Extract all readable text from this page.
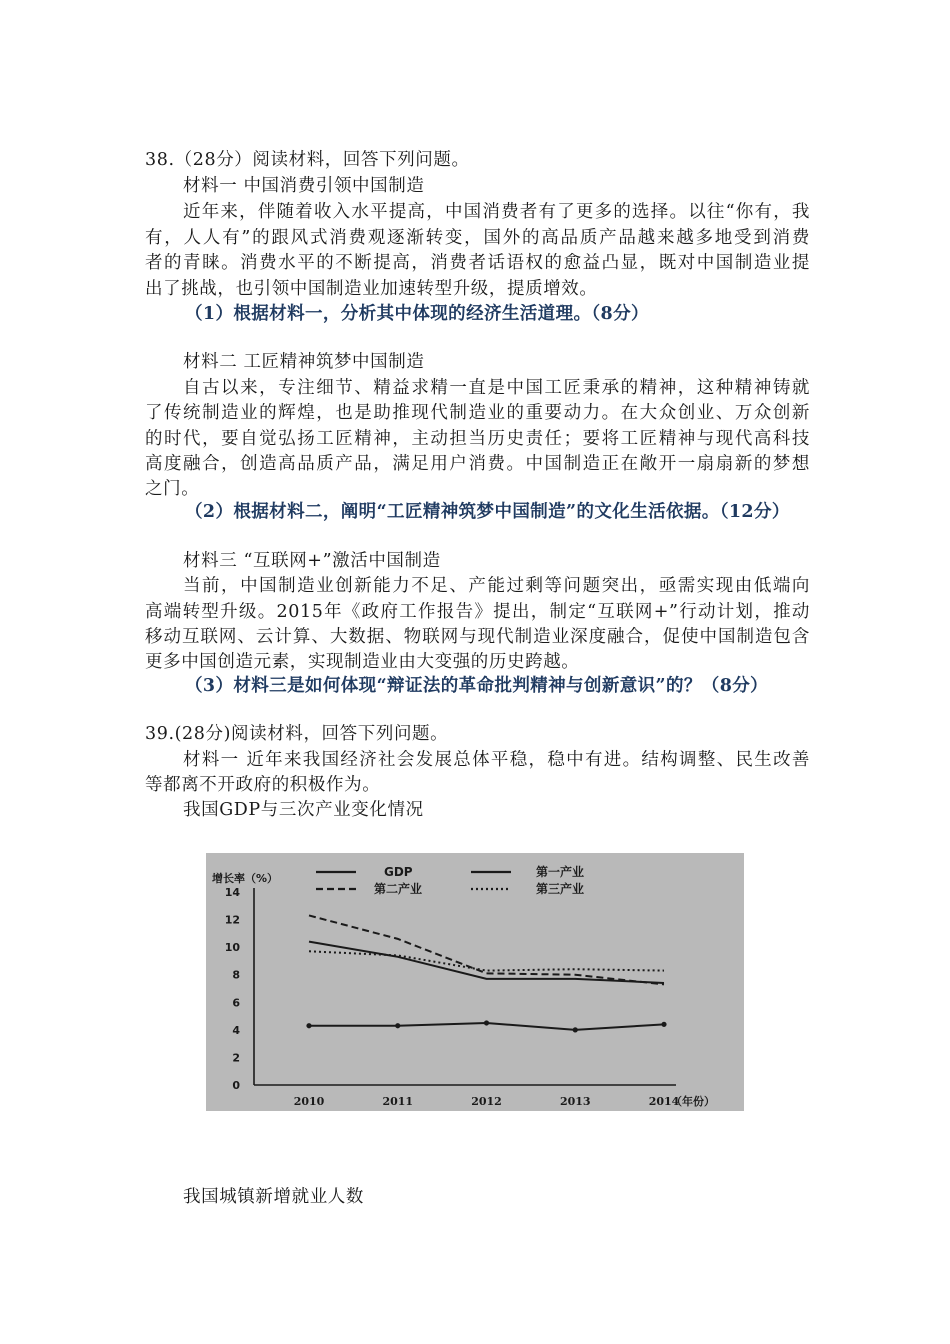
38.（28分）阅读材料，回答下列问题。
材料一 中国消费引领中国制造
近年来，伴随着收入水平提高，中国消费者有了更多的选择。以往“你有，我
有，人人有”的跟风式消费观逐渐转变，国外的高品质产品越来越多地受到消费
者的青睐。消费水平的不断提高，消费者话语权的愈益凸显，既对中国制造业提
出了挑战，也引领中国制造业加速转型升级，提质增效。
（1）根据材料一，分析其中体现的经济生活道理。（8分）
材料二 工匠精神筑梦中国制造
自古以来，专注细节、精益求精一直是中国工匠秉承的精神，这种精神铸就
了传统制造业的辉煌，也是助推现代制造业的重要动力。在大众创业、万众创新
的时代，要自觉弘扬工匠精神，主动担当历史责任；要将工匠精神与现代高科技
高度融合，创造高品质产品，满足用户消费。中国制造正在敞开一扇扇新的梦想
之门。
（2）根据材料二，阐明“工匠精神筑梦中国制造”的文化生活依据。（12分）
材料三 “互联网+”激活中国制造
当前，中国制造业创新能力不足、产能过剩等问题突出，亟需实现由低端向
高端转型升级。2015年《政府工作报告》提出，制定“互联网+”行动计划，推动
移动互联网、云计算、大数据、物联网与现代制造业深度融合，促使中国制造包含
更多中国创造元素，实现制造业由大变强的历史跨越。
（3）材料三是如何体现“辩证法的革命批判精神与创新意识”的？（8分）
39.(28分)阅读材料，回答下列问题。
材料一 近年来我国经济社会发展总体平稳，稳中有进。结构调整、民生改善
等都离不开政府的积极作为。
我国GDP与三次产业变化情况
0
2
4
6
8
10
12
14
增长率（%）
2010	2011	2012	2013	2014
（年份）
GDP	第一产业
第二产业	第三产业
我国城镇新增就业人数
